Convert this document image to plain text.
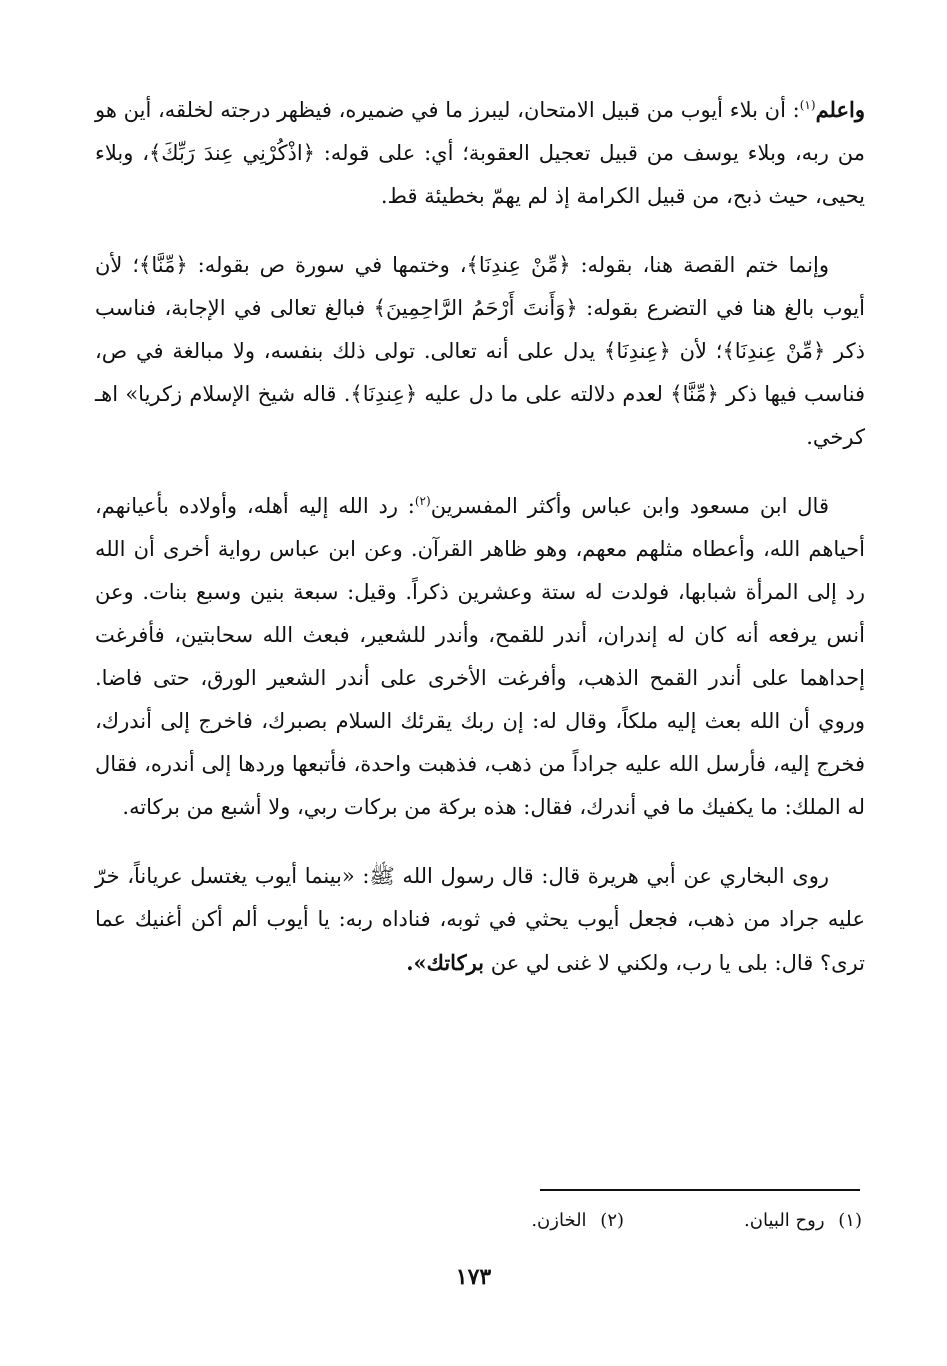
واعلم$^{(١)}$: أن بلاء أيوب من قبيل الامتحان، ليبرز ما في ضميره، فيظهر درجته لخلقه، أين هو من ربه، وبلاء يوسف من قبيل تعجيل العقوبة؛ أي: على قوله: ﴿اذْكُرْنِي عِندَ رَبِّكَ﴾، وبلاء يحيى، حيث ذبح، من قبيل الكرامة إذ لم يهمّ بخطيئة قط.

وإنما ختم القصة هنا، بقوله: ﴿مِّنْ عِندِنَا﴾، وختمها في سورة ص بقوله: ﴿مِّنَّا﴾؛ لأن أيوب بالغ هنا في التضرع بقوله: ﴿وَأَنتَ أَرْحَمُ الرَّاحِمِينَ﴾ فبالغ تعالى في الإجابة، فناسب ذكر ﴿مِّنْ عِندِنَا﴾؛ لأن ﴿عِندِنَا﴾ يدل على أنه تعالى. تولى ذلك بنفسه، ولا مبالغة في ص، فناسب فيها ذكر ﴿مِّنَّا﴾ لعدم دلالته على ما دل عليه ﴿عِندِنَا﴾. قاله شيخ الإسلام زكريا» اهـ كرخي.

قال ابن مسعود وابن عباس وأكثر المفسرين$^{(٢)}$: رد الله إليه أهله، وأولاده بأعيانهم، أحياهم الله، وأعطاه مثلهم معهم، وهو ظاهر القرآن. وعن ابن عباس رواية أخرى أن الله رد إلى المرأة شبابها، فولدت له ستة وعشرين ذكراً. وقيل: سبعة بنين وسبع بنات. وعن أنس يرفعه أنه كان له إندران، أندر للقمح، وأندر للشعير، فبعث الله سحابتين، فأفرغت إحداهما على أندر القمح الذهب، وأفرغت الأخرى على أندر الشعير الورق، حتى فاضا. وروي أن الله بعث إليه ملكاً، وقال له: إن ربك يقرئك السلام بصبرك، فاخرج إلى أندرك، فخرج إليه، فأرسل الله عليه جراداً من ذهب، فذهبت واحدة، فأتبعها وردها إلى أندره، فقال له الملك: ما يكفيك ما في أندرك، فقال: هذه بركة من بركات ربي، ولا أشبع من بركاته.

روى البخاري عن أبي هريرة قال: قال رسول الله ﷺ: «بينما أيوب يغتسل عرياناً، خرّ عليه جراد من ذهب، فجعل أيوب يحثي في ثوبه، فناداه ربه: يا أيوب ألم أكن أغنيك عما ترى؟ قال: بلى يا رب، ولكني لا غنى لي عن بركاتك».

(١) روح البيان.
(٢) الخازن.
١٧٣
